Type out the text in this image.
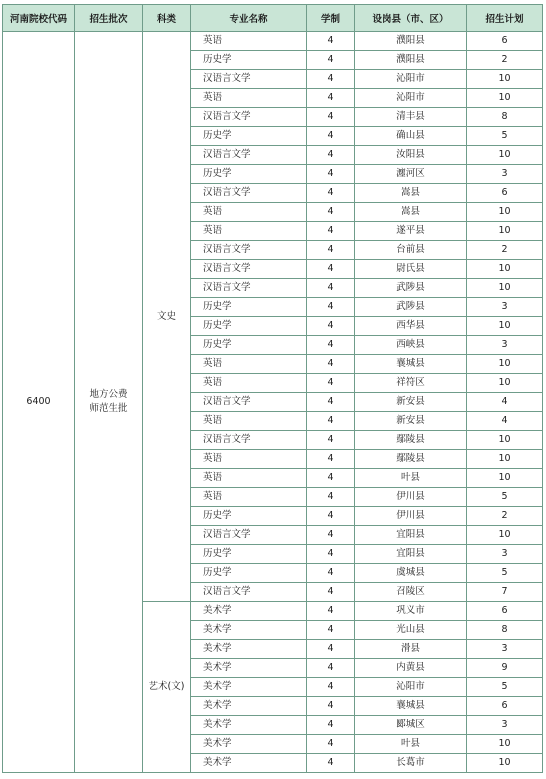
河南院校代码	招生批次	科类	专业名称	学制	设岗县（市、区）	招生计划
6400	地方公费师范生批	文史	英语	4	濮阳县	6
			历史学	4	濮阳县	2
			汉语言文学	4	沁阳市	10
			英语	4	沁阳市	10
			汉语言文学	4	清丰县	8
			历史学	4	确山县	5
			汉语言文学	4	汝阳县	10
			历史学	4	瀍河区	3
			汉语言文学	4	嵩县	6
			英语	4	嵩县	10
			英语	4	遂平县	10
			汉语言文学	4	台前县	2
			汉语言文学	4	尉氏县	10
			汉语言文学	4	武陟县	10
			历史学	4	武陟县	3
			历史学	4	西华县	10
			历史学	4	西峡县	3
			英语	4	襄城县	10
			英语	4	祥符区	10
			汉语言文学	4	新安县	4
			英语	4	新安县	4
			汉语言文学	4	鄢陵县	10
			英语	4	鄢陵县	10
			英语	4	叶县	10
			英语	4	伊川县	5
			历史学	4	伊川县	2
			汉语言文学	4	宜阳县	10
			历史学	4	宜阳县	3
			历史学	4	虞城县	5
			汉语言文学	4	召陵区	7
		艺术(文)	美术学	4	巩义市	6
			美术学	4	光山县	8
			美术学	4	滑县	3
			美术学	4	内黄县	9
			美术学	4	沁阳市	5
			美术学	4	襄城县	6
			美术学	4	郾城区	3
			美术学	4	叶县	10
			美术学	4	长葛市	10
